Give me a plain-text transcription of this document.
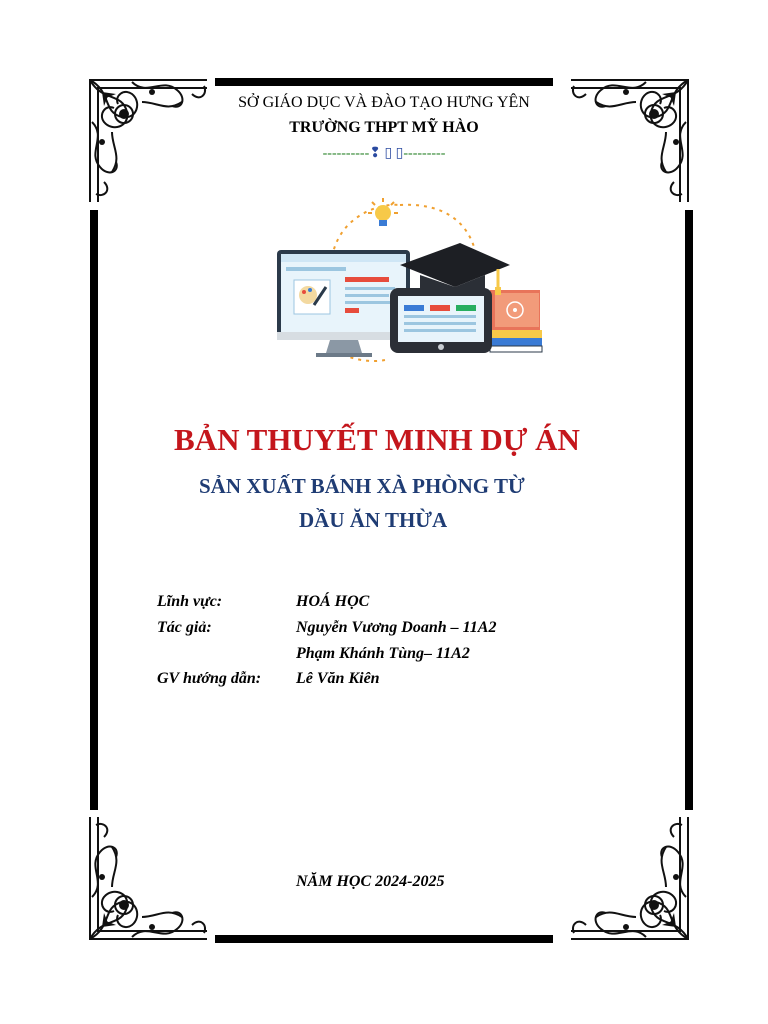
SỞ GIÁO DỤC VÀ ĐÀO TẠO HƯNG YÊN
TRƯỜNG THPT MỸ HÀO
----------❢ ▯ ▯---------
BẢN THUYẾT MINH DỰ ÁN
SẢN XUẤT BÁNH XÀ PHÒNG TỪ
DẦU ĂN THỪA
Lĩnh vực:	HOÁ HỌC
Tác giả:	Nguyễn Vương Doanh – 11A2
Phạm Khánh Tùng– 11A2
GV hướng dẫn: Lê Văn Kiên
NĂM HỌC 2024-2025
